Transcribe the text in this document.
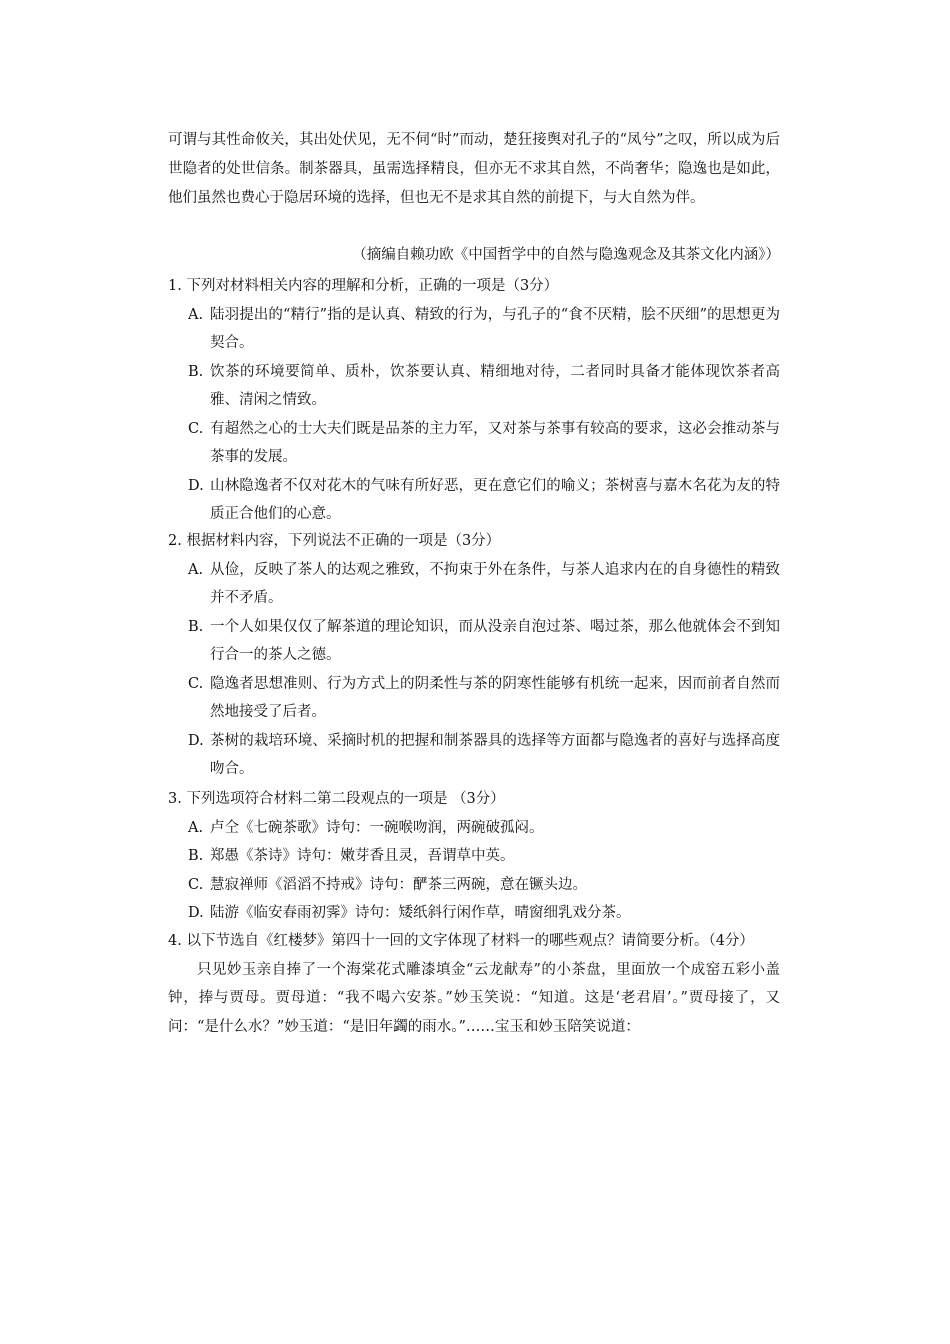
可谓与其性命攸关，其出处伏见，无不伺“时”而动，楚狂接舆对孔子的“凤兮”之叹，所以成为后世隐者的处世信条。制茶器具，虽需选择精良，但亦无不求其自然，不尚奢华；隐逸也是如此，他们虽然也费心于隐居环境的选择，但也无不是求其自然的前提下，与大自然为伴。

（摘编自赖功欧《中国哲学中的自然与隐逸观念及其茶文化内涵》）

1. 下列对材料相关内容的理解和分析，正确的一项是（3分）

A. 陆羽提出的“精行”指的是认真、精致的行为，与孔子的“食不厌精，脍不厌细”的思想更为契合。
B. 饮茶的环境要简单、质朴，饮茶要认真、精细地对待，二者同时具备才能体现饮茶者高雅、清闲之情致。
C. 有超然之心的士大夫们既是品茶的主力军，又对茶与茶事有较高的要求，这必会推动茶与茶事的发展。
D. 山林隐逸者不仅对花木的气味有所好恶，更在意它们的喻义；茶树喜与嘉木名花为友的特质正合他们的心意。

2. 根据材料内容，下列说法不正确的一项是（3分）

A. 从俭，反映了茶人的达观之雅致，不拘束于外在条件，与茶人追求内在的自身德性的精致并不矛盾。
B. 一个人如果仅仅了解茶道的理论知识，而从没亲自泡过茶、喝过茶，那么他就体会不到知行合一的茶人之德。
C. 隐逸者思想准则、行为方式上的阴柔性与茶的阴寒性能够有机统一起来，因而前者自然而然地接受了后者。
D. 茶树的栽培环境、采摘时机的把握和制茶器具的选择等方面都与隐逸者的喜好与选择高度吻合。

3. 下列选项符合材料二第二段观点的一项是 （3分）

A. 卢仝《七碗茶歌》诗句：一碗喉吻润，两碗破孤闷。
B. 郑愚《茶诗》诗句：嫩芽香且灵，吾谓草中英。
C. 慧寂禅师《滔滔不持戒》诗句：酽茶三两碗，意在镢头边。
D. 陆游《临安春雨初霁》诗句：矮纸斜行闲作草，晴窗细乳戏分茶。

4. 以下节选自《红楼梦》第四十一回的文字体现了材料一的哪些观点？请简要分析。（4分）

只见妙玉亲自捧了一个海棠花式雕漆填金“云龙献寿”的小茶盘，里面放一个成窑五彩小盖钟，捧与贾母。贾母道：“我不喝六安茶。”妙玉笑说：“知道。这是‘老君眉’。”贾母接了，又问：“是什么水？”妙玉道：“是旧年蠲的雨水。”……宝玉和妙玉陪笑说道：
